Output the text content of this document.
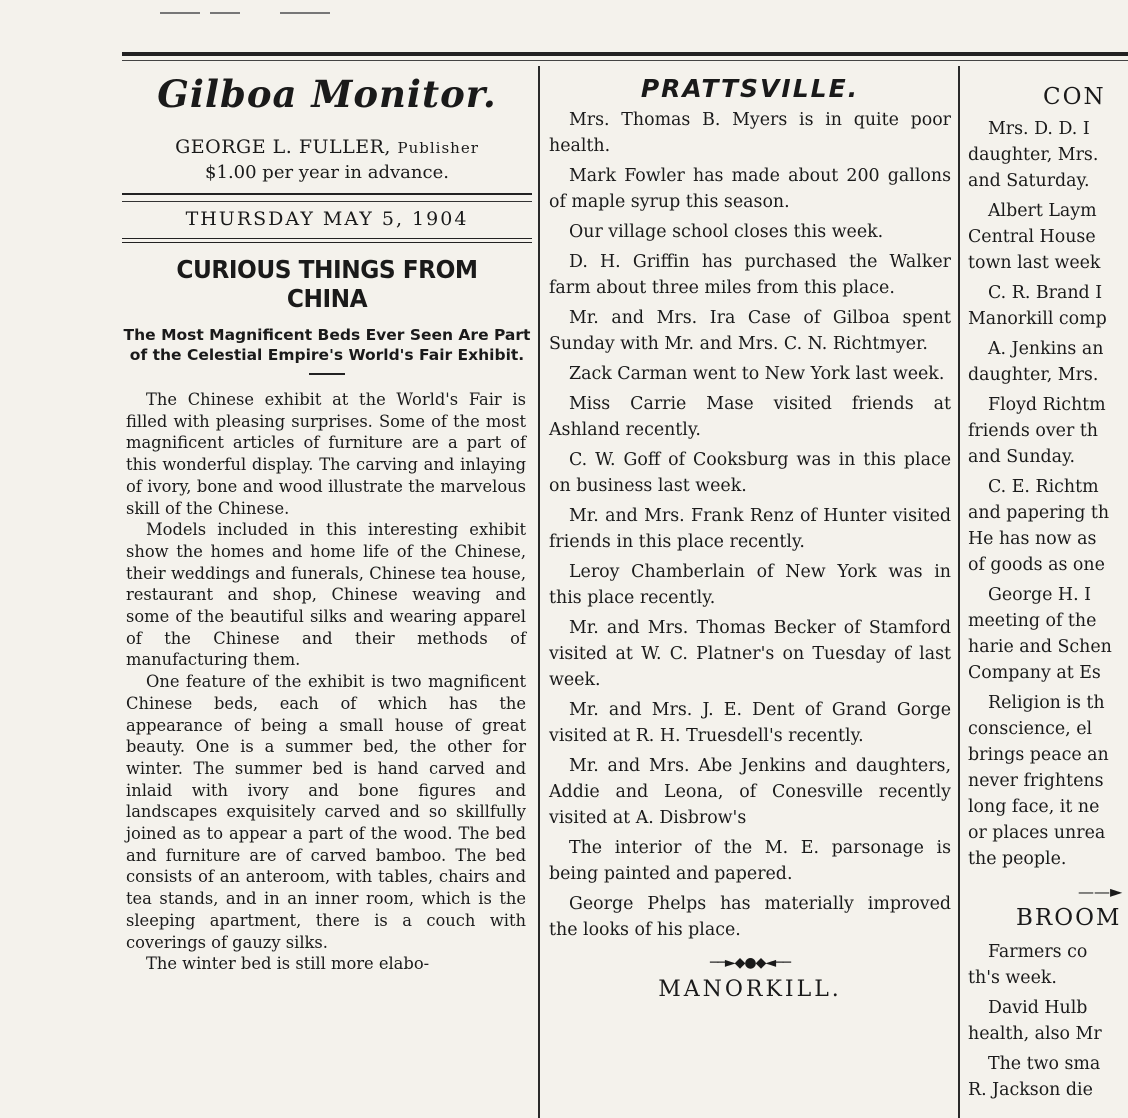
Gilboa Monitor.
GEORGE L. FULLER, Publisher
$1.00 per year in advance.
THURSDAY MAY 5, 1904
CURIOUS THINGS FROM CHINA
The Most Magnificent Beds Ever Seen Are Part of the Celestial Empire's World's Fair Exhibit.

The Chinese exhibit at the World's Fair is filled with pleasing surprises. Some of the most magnificent articles of furniture are a part of this wonderful display. The carving and inlaying of ivory, bone and wood illustrate the marvelous skill of the Chinese.

Models included in this interesting exhibit show the homes and home life of the Chinese, their weddings and funerals, Chinese tea house, restaurant and shop, Chinese weaving and some of the beautiful silks and wearing apparel of the Chinese and their methods of manufacturing them.

One feature of the exhibit is two magnificent Chinese beds, each of which has the appearance of being a small house of great beauty. One is a summer bed, the other for winter. The summer bed is hand carved and inlaid with ivory and bone figures and landscapes exquisitely carved and so skillfully joined as to appear a part of the wood. The bed and furniture are of carved bamboo. The bed consists of an anteroom, with tables, chairs and tea stands, and in an inner room, which is the sleeping apartment, there is a couch with coverings of gauzy silks.

The winter bed is still more elabo-

PRATTSVILLE.

Mrs. Thomas B. Myers is in quite poor health.

Mark Fowler has made about 200 gallons of maple syrup this season.

Our village school closes this week.

D. H. Griffin has purchased the Walker farm about three miles from this place.

Mr. and Mrs. Ira Case of Gilboa spent Sunday with Mr. and Mrs. C. N. Richtmyer.

Zack Carman went to New York last week.

Miss Carrie Mase visited friends at Ashland recently.

C. W. Goff of Cooksburg was in this place on business last week.

Mr. and Mrs. Frank Renz of Hunter visited friends in this place recently.

Leroy Chamberlain of New York was in this place recently.

Mr. and Mrs. Thomas Becker of Stamford visited at W. C. Platner's on Tuesday of last week.

Mr. and Mrs. J. E. Dent of Grand Gorge visited at R. H. Truesdell's recently.

Mr. and Mrs. Abe Jenkins and daughters, Addie and Leona, of Conesville recently visited at A. Disbrow's

The interior of the M. E. parsonage is being painted and papered.

George Phelps has materially improved the looks of his place.

──►◆●◆◄──
MANORKILL.
CON

Mrs. D. D. I
daughter, Mrs.
and Saturday.

Albert Laym
Central House
town last week

C. R. Brand I
Manorkill comp

A. Jenkins an
daughter, Mrs.

Floyd Richtm
friends over th
and Sunday.

C. E. Richtm
and papering th
He has now as
of goods as one

George H. I
meeting of the
harie and Schen
Company at Es

Religion is th
conscience, el
brings peace an
never frightens
long face, it ne
or places unrea
the people.

——►
BROOM

Farmers co
th's week.

David Hulb
health, also Mr

The two sma
R. Jackson die
